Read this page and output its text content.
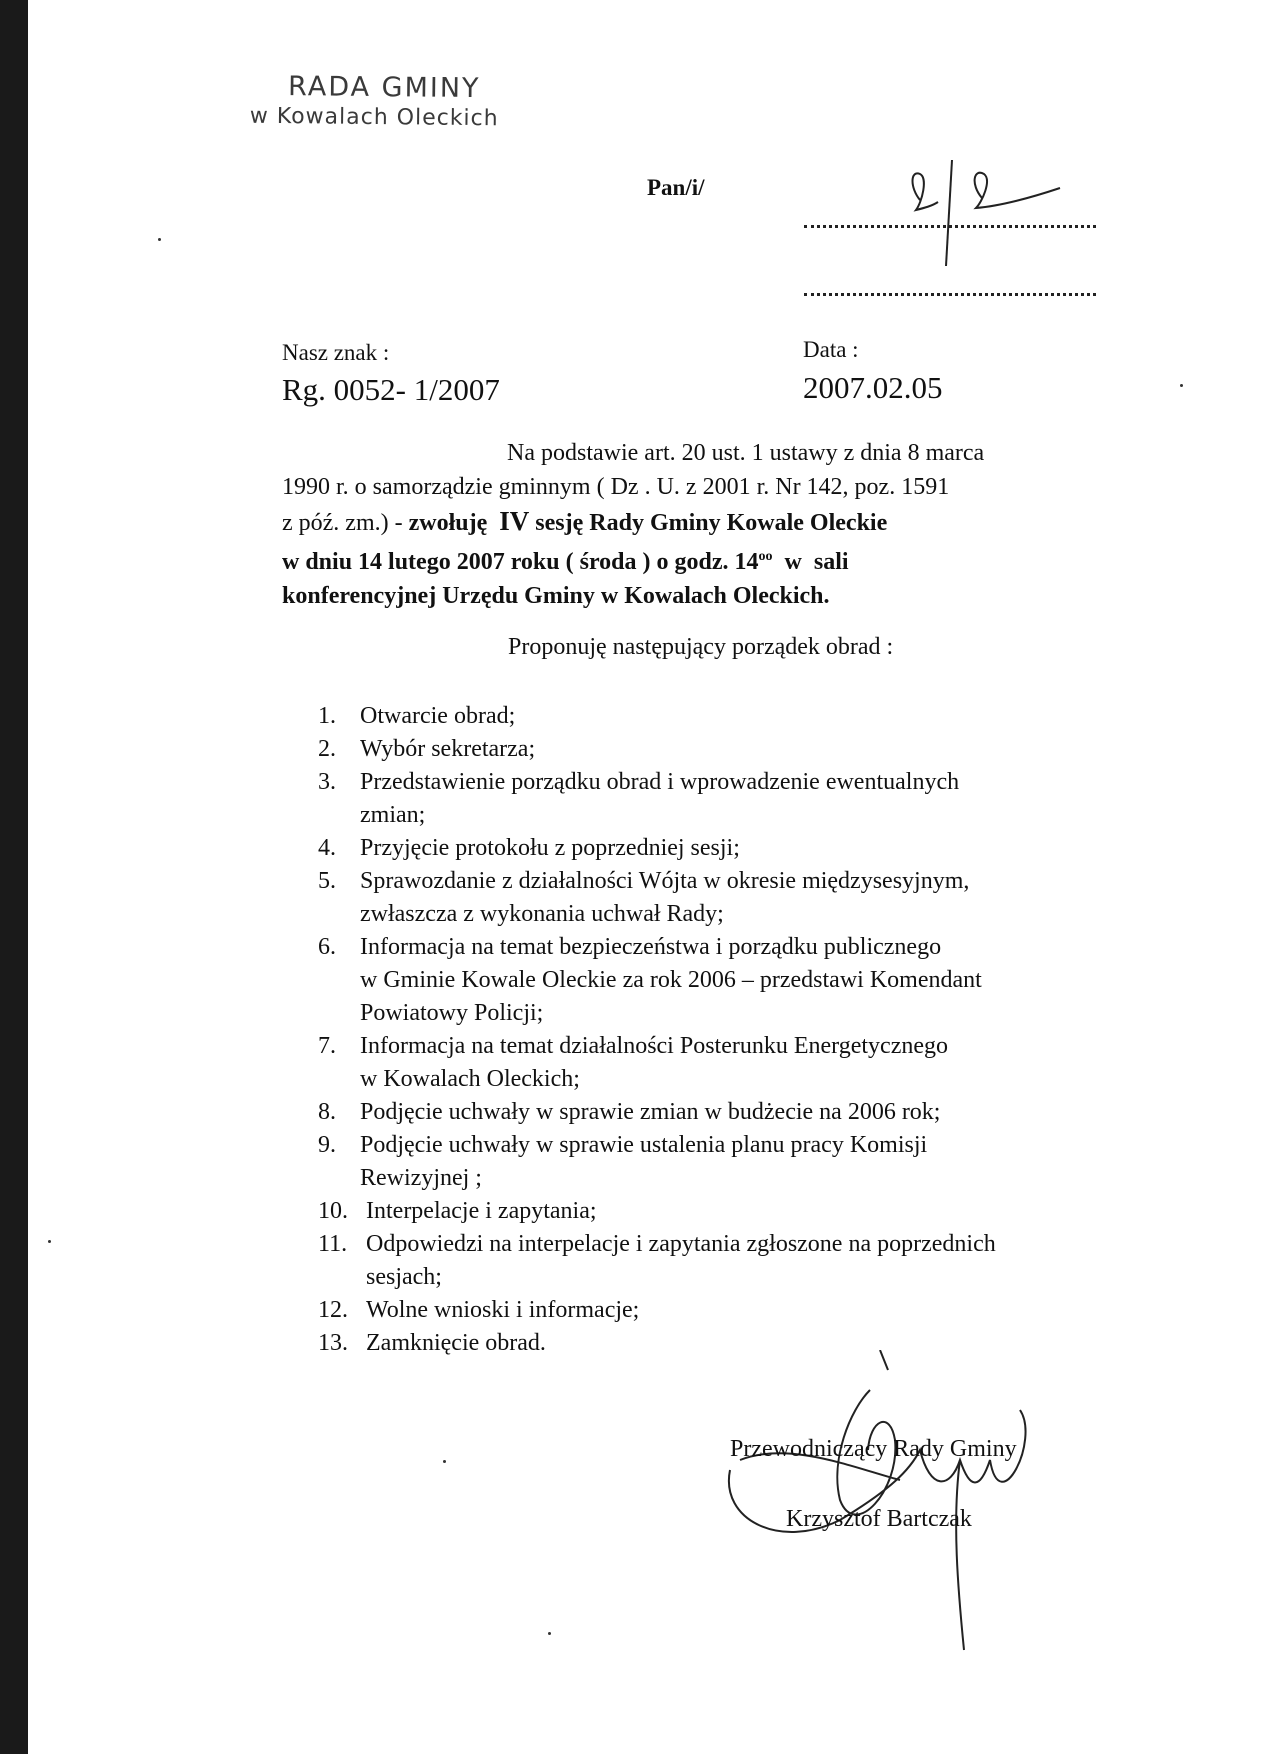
RADA GMINY
w Kowalach Oleckich
Pan/i/
Nasz znak :
Rg. 0052- 1/2007
Data :
2007.02.05
Na podstawie art. 20 ust. 1 ustawy z dnia 8 marca
1990 r. o samorządzie gminnym ( Dz . U. z 2001 r. Nr 142, poz. 1591
z póź. zm.) - zwołuję IV sesję Rady Gminy Kowale Oleckie
w dniu 14 lutego 2007 roku ( środa ) o godz. $14^{oo}$  w  sali
konferencyjnej Urzędu Gminy w Kowalach Oleckich.
Proponuję następujący porządek obrad :
1. Otwarcie obrad;
2. Wybór sekretarza;
3. Przedstawienie porządku obrad i wprowadzenie ewentualnych
zmian;
4. Przyjęcie protokołu z poprzedniej sesji;
5. Sprawozdanie z działalności Wójta w okresie międzysesyjnym,
zwłaszcza z wykonania uchwał Rady;
6. Informacja na temat bezpieczeństwa i porządku publicznego
w Gminie Kowale Oleckie za rok 2006 – przedstawi Komendant
Powiatowy Policji;
7. Informacja na temat działalności Posterunku Energetycznego
w Kowalach Oleckich;
8. Podjęcie uchwały w sprawie zmian w budżecie na 2006 rok;
9. Podjęcie uchwały w sprawie ustalenia planu pracy Komisji
Rewizyjnej ;
10. Interpelacje i zapytania;
11. Odpowiedzi na interpelacje i zapytania zgłoszone na poprzednich
sesjach;
12. Wolne wnioski i informacje;
13. Zamknięcie obrad.
Przewodniczący Rady Gminy
Krzysztof Bartczak
